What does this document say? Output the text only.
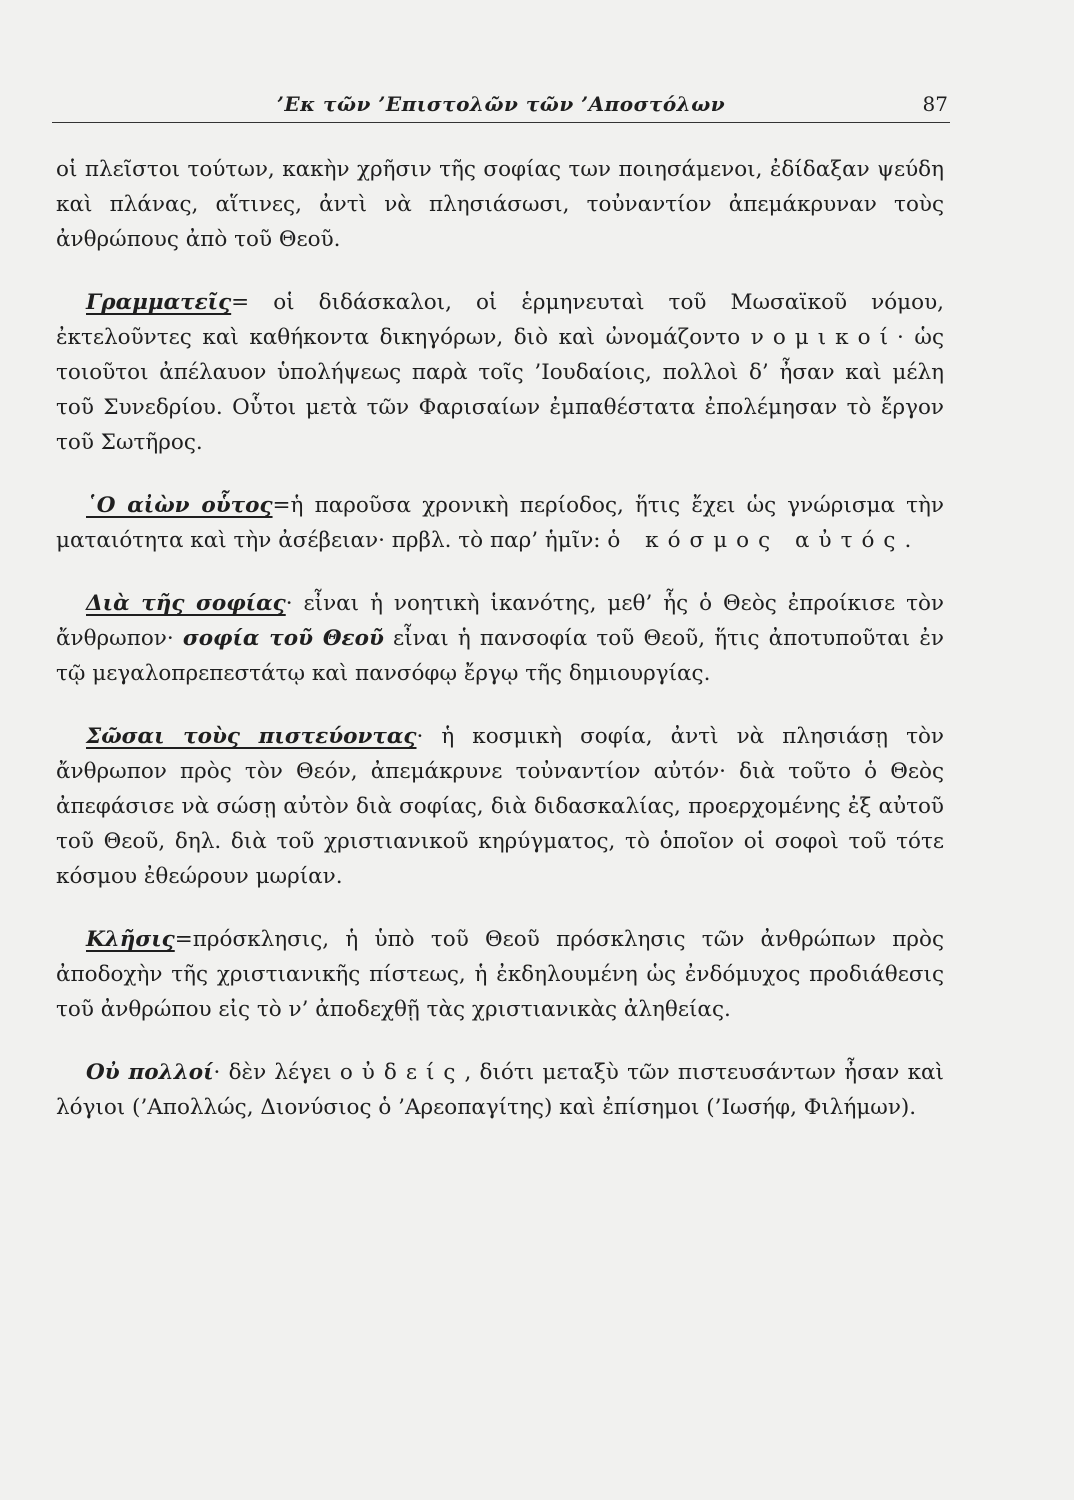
’Εκ τῶν ’Επιστολῶν τῶν ’Αποστόλων	87

οἱ πλεῖστοι τούτων, κακὴν χρῆσιν τῆς σοφίας των ποιησάμενοι, ἐδίδαξαν ψεύδη καὶ πλάνας, αἵτινες, ἀντὶ νὰ πλησιάσωσι, τοὐναντίον ἀπεμάκρυναν τοὺς ἀνθρώπους ἀπὸ τοῦ Θεοῦ.

Γραμματεῖς= οἱ διδάσκαλοι, οἱ ἑρμηνευταὶ τοῦ Μωσαϊκοῦ νόμου, ἐκτελοῦντες καὶ καθήκοντα δικηγόρων, διὸ καὶ ὠνομάζοντο νομικοί· ὡς τοιοῦτοι ἀπέλαυον ὑπολήψεως παρὰ τοῖς ’Ιουδαίοις, πολλοὶ δ’ ἦσαν καὶ μέλη τοῦ Συνεδρίου. Οὗτοι μετὰ τῶν Φαρισαίων ἐμπαθέστατα ἐπολέμησαν τὸ ἔργον τοῦ Σωτῆρος.

῾Ο αἰὼν οὗτος=ἡ παροῦσα χρονικὴ περίοδος, ἥτις ἔχει ὡς γνώρισμα τὴν ματαιότητα καὶ τὴν ἀσέβειαν· πρβλ. τὸ παρ’ ἡμῖν: ὁ κόσμος αὐτός.

Διὰ τῆς σοφίας· εἶναι ἡ νοητικὴ ἱκανότης, μεθ’ ἧς ὁ Θεὸς ἐπροίκισε τὸν ἄνθρωπον· σοφία τοῦ Θεοῦ εἶναι ἡ πανσοφία τοῦ Θεοῦ, ἥτις ἀποτυποῦται ἐν τῷ μεγαλοπρεπεστάτῳ καὶ πανσόφῳ ἔργῳ τῆς δημιουργίας.

Σῶσαι τοὺς πιστεύοντας· ἡ κοσμικὴ σοφία, ἀντὶ νὰ πλησιάσῃ τὸν ἄνθρωπον πρὸς τὸν Θεόν, ἀπεμάκρυνε τοὐναντίον αὐτόν· διὰ τοῦτο ὁ Θεὸς ἀπεφάσισε νὰ σώσῃ αὐτὸν διὰ σοφίας, διὰ διδασκαλίας, προερχομένης ἐξ αὐτοῦ τοῦ Θεοῦ, δηλ. διὰ τοῦ χριστιανικοῦ κηρύγματος, τὸ ὁποῖον οἱ σοφοὶ τοῦ τότε κόσμου ἐθεώρουν μωρίαν.

Κλῆσις=πρόσκλησις, ἡ ὑπὸ τοῦ Θεοῦ πρόσκλησις τῶν ἀνθρώπων πρὸς ἀποδοχὴν τῆς χριστιανικῆς πίστεως, ἡ ἐκδηλουμένη ὡς ἐνδόμυχος προδιάθεσις τοῦ ἀνθρώπου εἰς τὸ ν’ ἀποδεχθῇ τὰς χριστιανικὰς ἀληθείας.

Οὐ πολλοί· δὲν λέγει οὐδείς, διότι μεταξὺ τῶν πιστευσάντων ἦσαν καὶ λόγιοι (’Απολλώς, Διονύσιος ὁ ’Αρεοπαγίτης) καὶ ἐπίσημοι (’Ιωσήφ, Φιλήμων).
